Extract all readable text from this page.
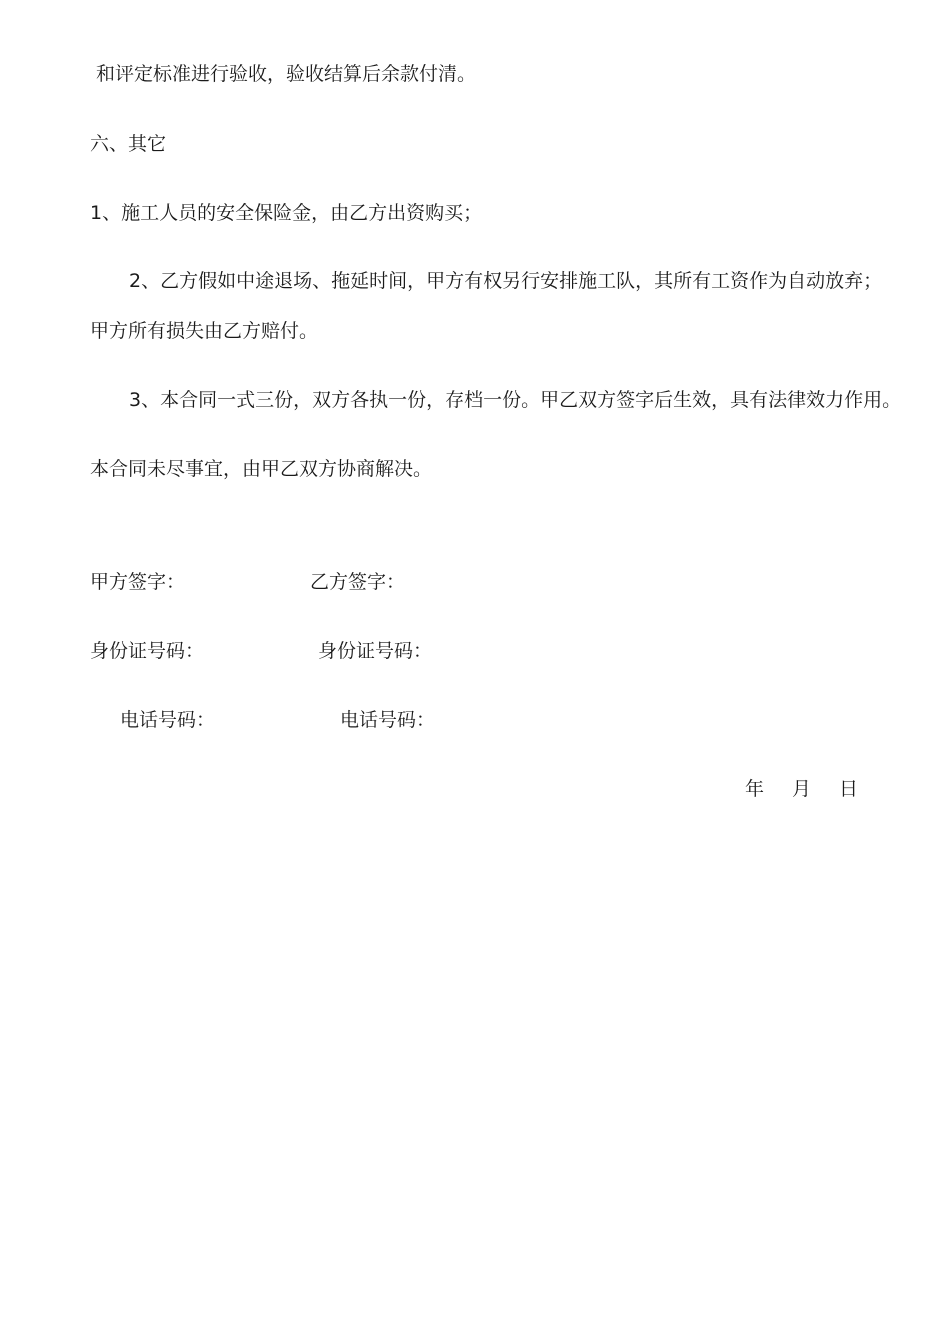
和评定标准进行验收，验收结算后余款付清。
六、其它
1、施工人员的安全保险金，由乙方出资购买；
2、乙方假如中途退场、拖延时间，甲方有权另行安排施工队，其所有工资作为自动放弃；
甲方所有损失由乙方赔付。
3、本合同一式三份，双方各执一份，存档一份。甲乙双方签字后生效，具有法律效力作用。
本合同未尽事宜，由甲乙双方协商解决。
甲方签字：	乙方签字：
身份证号码：	身份证号码：
电话号码：	电话号码：
年 月 日
